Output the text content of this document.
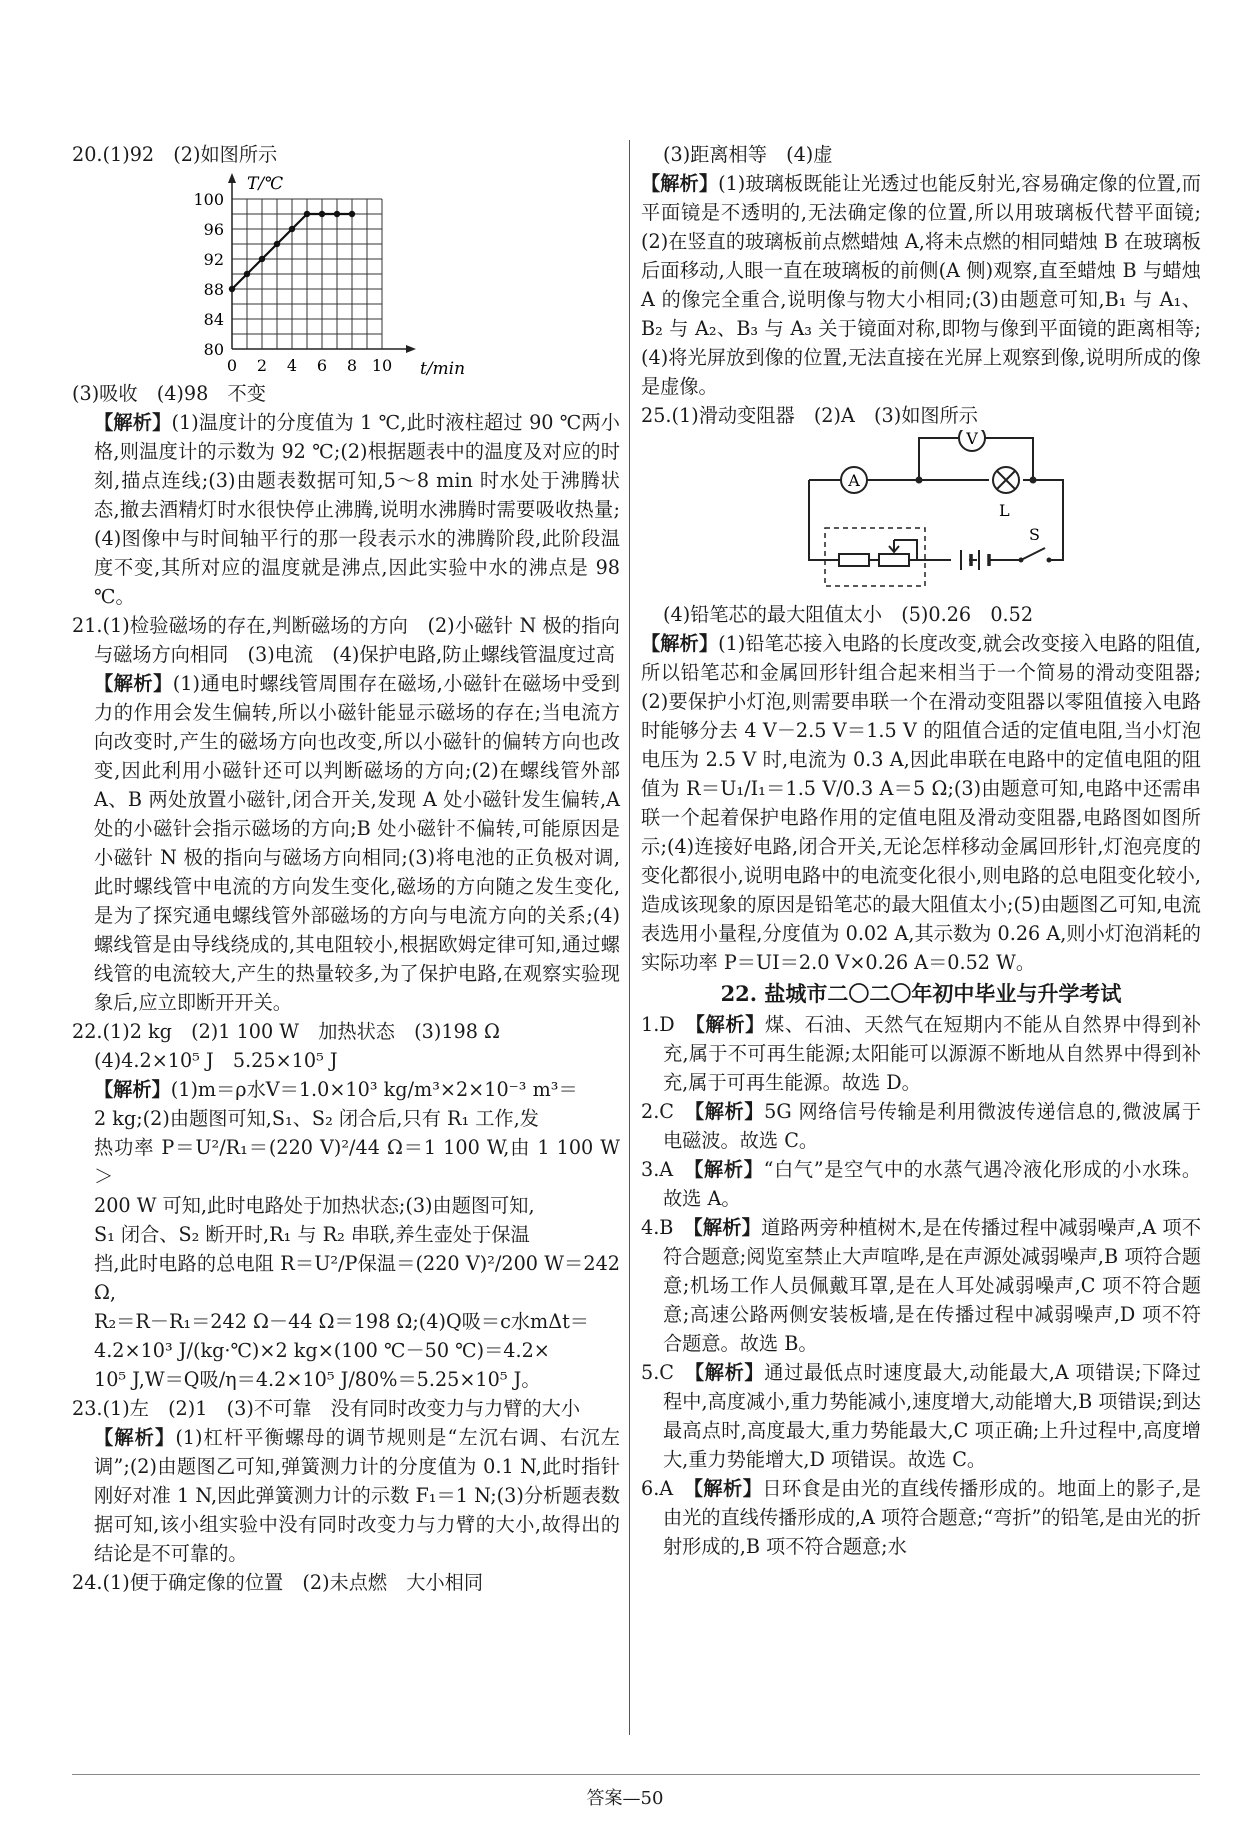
20.(1)92　(2)如图所示

T/℃
t/min
80
84
88
92
96
100
0 2 4 6 8 10

(3)吸收　(4)98　不变

【解析】(1)温度计的分度值为 1 ℃,此时液柱超过 90 ℃两小格,则温度计的示数为 92 ℃;(2)根据题表中的温度及对应的时刻,描点连线;(3)由题表数据可知,5～8 min 时水处于沸腾状态,撤去酒精灯时水很快停止沸腾,说明水沸腾时需要吸收热量;(4)图像中与时间轴平行的那一段表示水的沸腾阶段,此阶段温度不变,其所对应的温度就是沸点,因此实验中水的沸点是 98 ℃。

21.(1)检验磁场的存在,判断磁场的方向　(2)小磁针 N 极的指向与磁场方向相同　(3)电流　(4)保护电路,防止螺线管温度过高

【解析】(1)通电时螺线管周围存在磁场,小磁针在磁场中受到力的作用会发生偏转,所以小磁针能显示磁场的存在;当电流方向改变时,产生的磁场方向也改变,所以小磁针的偏转方向也改变,因此利用小磁针还可以判断磁场的方向;(2)在螺线管外部 A、B 两处放置小磁针,闭合开关,发现 A 处小磁针发生偏转,A 处的小磁针会指示磁场的方向;B 处小磁针不偏转,可能原因是小磁针 N 极的指向与磁场方向相同;(3)将电池的正负极对调,此时螺线管中电流的方向发生变化,磁场的方向随之发生变化,是为了探究通电螺线管外部磁场的方向与电流方向的关系;(4)螺线管是由导线绕成的,其电阻较小,根据欧姆定律可知,通过螺线管的电流较大,产生的热量较多,为了保护电路,在观察实验现象后,应立即断开开关。

22.(1)2 kg　(2)1 100 W　加热状态　(3)198 Ω

(4)4.2×10⁵ J　5.25×10⁵ J

【解析】(1)m＝ρ水V＝1.0×10³ kg/m³×2×10⁻³ m³＝

2 kg;(2)由题图可知,S₁、S₂ 闭合后,只有 R₁ 工作,发

热功率 P＝U²/R₁＝(220 V)²/44 Ω＝1 100 W,由 1 100 W＞

200 W 可知,此时电路处于加热状态;(3)由题图可知,

S₁ 闭合、S₂ 断开时,R₁ 与 R₂ 串联,养生壶处于保温

挡,此时电路的总电阻 R＝U²/P保温＝(220 V)²/200 W＝242 Ω,

R₂＝R－R₁＝242 Ω－44 Ω＝198 Ω;(4)Q吸＝c水mΔt＝

4.2×10³ J/(kg·℃)×2 kg×(100 ℃－50 ℃)＝4.2×

10⁵ J,W＝Q吸/η＝4.2×10⁵ J/80%＝5.25×10⁵ J。

23.(1)左　(2)1　(3)不可靠　没有同时改变力与力臂的大小

【解析】(1)杠杆平衡螺母的调节规则是“左沉右调、右沉左调”;(2)由题图乙可知,弹簧测力计的分度值为 0.1 N,此时指针刚好对准 1 N,因此弹簧测力计的示数 F₁＝1 N;(3)分析题表数据可知,该小组实验中没有同时改变力与力臂的大小,故得出的结论是不可靠的。

24.(1)便于确定像的位置　(2)未点燃　大小相同

(3)距离相等　(4)虚

【解析】(1)玻璃板既能让光透过也能反射光,容易确定像的位置,而平面镜是不透明的,无法确定像的位置,所以用玻璃板代替平面镜;(2)在竖直的玻璃板前点燃蜡烛 A,将未点燃的相同蜡烛 B 在玻璃板后面移动,人眼一直在玻璃板的前侧(A 侧)观察,直至蜡烛 B 与蜡烛 A 的像完全重合,说明像与物大小相同;(3)由题意可知,B₁ 与 A₁、B₂ 与 A₂、B₃ 与 A₃ 关于镜面对称,即物与像到平面镜的距离相等;(4)将光屏放到像的位置,无法直接在光屏上观察到像,说明所成的像是虚像。

25.(1)滑动变阻器　(2)A　(3)如图所示

A
V
L
S

(4)铅笔芯的最大阻值太小　(5)0.26　0.52

【解析】(1)铅笔芯接入电路的长度改变,就会改变接入电路的阻值,所以铅笔芯和金属回形针组合起来相当于一个简易的滑动变阻器;(2)要保护小灯泡,则需要串联一个在滑动变阻器以零阻值接入电路时能够分去 4 V－2.5 V＝1.5 V 的阻值合适的定值电阻,当小灯泡电压为 2.5 V 时,电流为 0.3 A,因此串联在电路中的定值电阻的阻值为 R＝U₁/I₁＝1.5 V/0.3 A＝5 Ω;(3)由题意可知,电路中还需串联一个起着保护电路作用的定值电阻及滑动变阻器,电路图如图所示;(4)连接好电路,闭合开关,无论怎样移动金属回形针,灯泡亮度的变化都很小,说明电路中的电流变化很小,则电路的总电阻变化较小,造成该现象的原因是铅笔芯的最大阻值太小;(5)由题图乙可知,电流表选用小量程,分度值为 0.02 A,其示数为 0.26 A,则小灯泡消耗的实际功率 P＝UI＝2.0 V×0.26 A＝0.52 W。

22. 盐城市二〇二〇年初中毕业与升学考试

1.D　 【解析】煤、石油、天然气在短期内不能从自然界中得到补充,属于不可再生能源;太阳能可以源源不断地从自然界中得到补充,属于可再生能源。故选 D。

2.C　 【解析】5G 网络信号传输是利用微波传递信息的,微波属于电磁波。故选 C。

3.A　 【解析】“白气”是空气中的水蒸气遇冷液化形成的小水珠。故选 A。

4.B　 【解析】道路两旁种植树木,是在传播过程中减弱噪声,A 项不符合题意;阅览室禁止大声喧哗,是在声源处减弱噪声,B 项符合题意;机场工作人员佩戴耳罩,是在人耳处减弱噪声,C 项不符合题意;高速公路两侧安装板墙,是在传播过程中减弱噪声,D 项不符合题意。故选 B。

5.C　 【解析】通过最低点时速度最大,动能最大,A 项错误;下降过程中,高度减小,重力势能减小,速度增大,动能增大,B 项错误;到达最高点时,高度最大,重力势能最大,C 项正确;上升过程中,高度增大,重力势能增大,D 项错误。故选 C。

6.A　 【解析】日环食是由光的直线传播形成的。地面上的影子,是由光的直线传播形成的,A 项符合题意;“弯折”的铅笔,是由光的折射形成的,B 项不符合题意;水

答案—50
